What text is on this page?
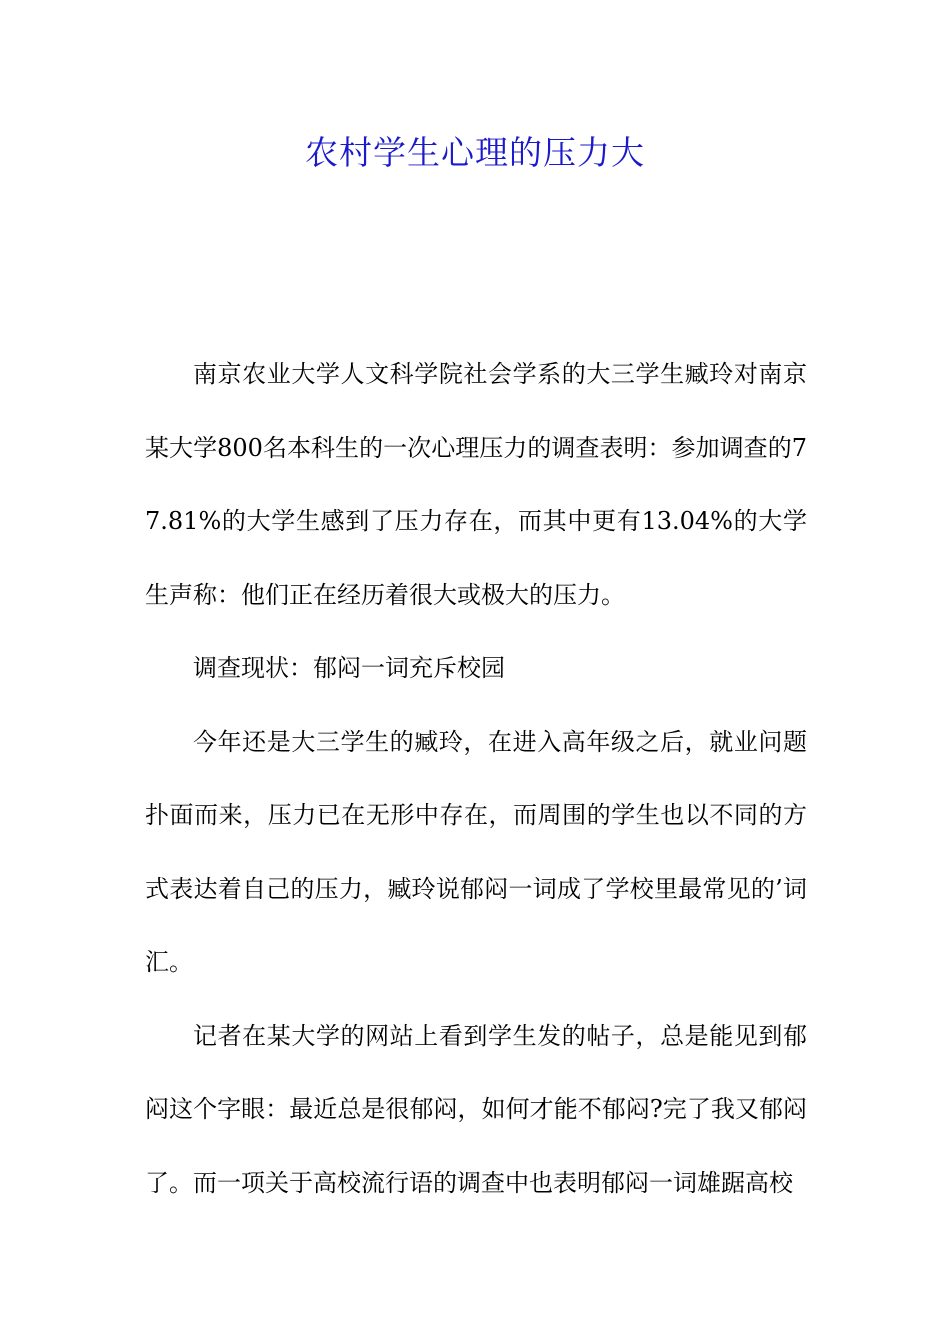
农村学生心理的压力大

南京农业大学人文科学院社会学系的大三学生臧玲对南京某大学800名本科生的一次心理压力的调查表明：参加调查的77.81%的大学生感到了压力存在，而其中更有13.04%的大学生声称：他们正在经历着很大或极大的压力。

调查现状：郁闷一词充斥校园

今年还是大三学生的臧玲，在进入高年级之后，就业问题扑面而来，压力已在无形中存在，而周围的学生也以不同的方式表达着自己的压力，臧玲说郁闷一词成了学校里最常见的’词汇。

记者在某大学的网站上看到学生发的帖子，总是能见到郁闷这个字眼：最近总是很郁闷，如何才能不郁闷?完了我又郁闷了。而一项关于高校流行语的调查中也表明郁闷一词雄踞高校
